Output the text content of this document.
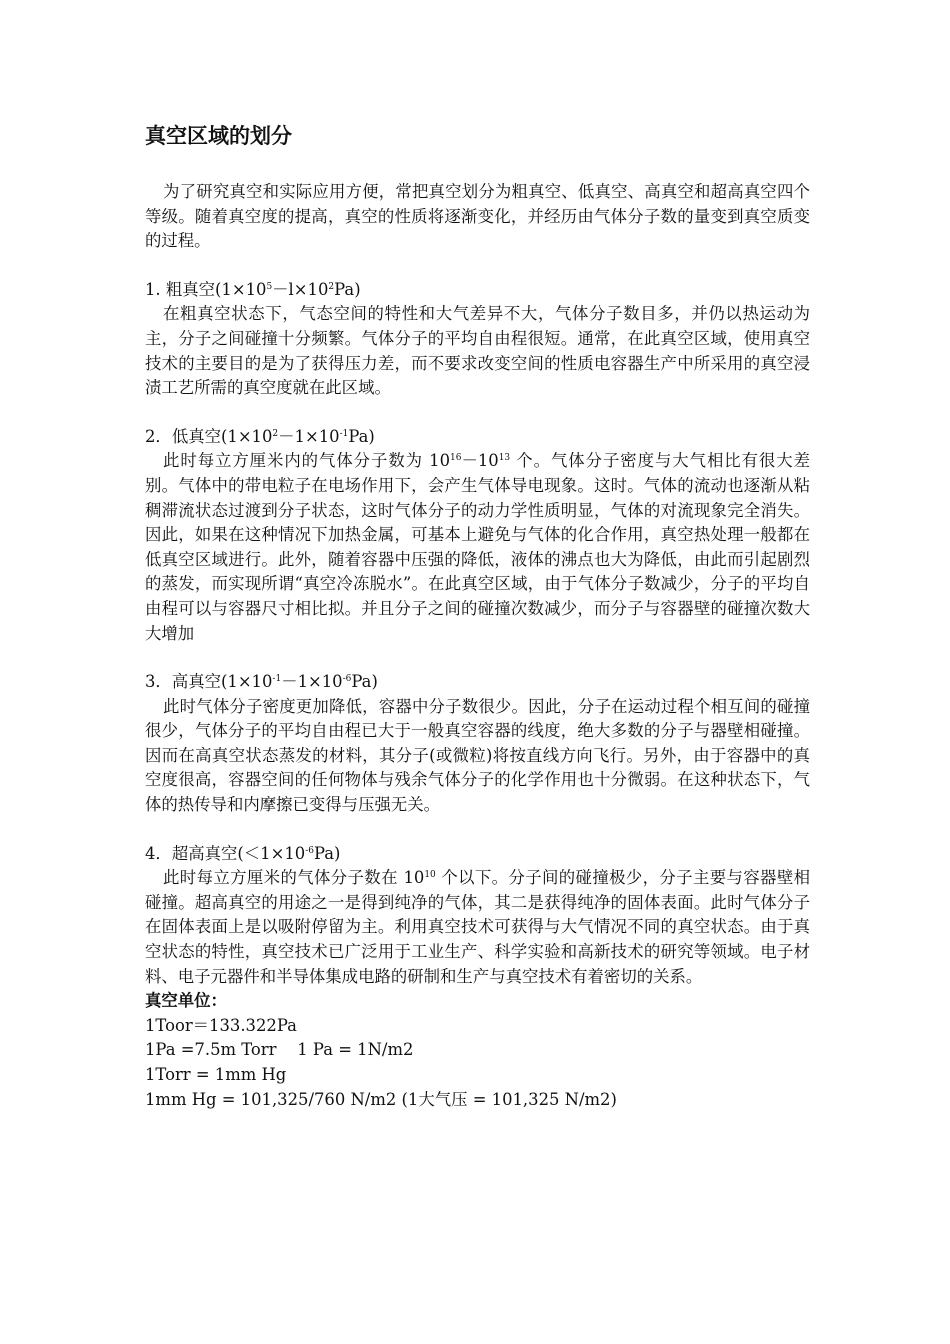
真空区域的划分

为了研究真空和实际应用方便，常把真空划分为粗真空、低真空、高真空和超高真空四个等级。随着真空度的提高，真空的性质将逐渐变化，并经历由气体分子数的量变到真空质变的过程。

1. 粗真空$(1\times 10^5-l\times 10^2Pa)$

在粗真空状态下，气态空间的特性和大气差异不大，气体分子数目多，并仍以热运动为主，分子之间碰撞十分频繁。气体分子的平均自由程很短。通常，在此真空区域，使用真空技术的主要目的是为了获得压力差，而不要求改变空间的性质电容器生产中所采用的真空浸渍工艺所需的真空度就在此区域。

2．低真空$(1\times 10^2-1\times 10^{-1}Pa)$

此时每立方厘米内的气体分子数为 $10^{16}-10^{13}$ 个。气体分子密度与大气相比有很大差别。气体中的带电粒子在电场作用下，会产生气体导电现象。这时。气体的流动也逐渐从粘稠滞流状态过渡到分子状态，这时气体分子的动力学性质明显，气体的对流现象完全消失。因此，如果在这种情况下加热金属，可基本上避免与气体的化合作用，真空热处理一般都在低真空区域进行。此外，随着容器中压强的降低，液体的沸点也大为降低，由此而引起剧烈的蒸发，而实现所谓“真空冷冻脱水”。在此真空区域，由于气体分子数减少，分子的平均自由程可以与容器尺寸相比拟。并且分子之间的碰撞次数减少，而分子与容器壁的碰撞次数大大增加

3．高真空$(1\times 10^{-1}-1\times 10^{-6}Pa)$

此时气体分子密度更加降低，容器中分子数很少。因此，分子在运动过程个相互间的碰撞很少，气体分子的平均自由程已大于一般真空容器的线度，绝大多数的分子与器壁相碰撞。因而在高真空状态蒸发的材料，其分子(或微粒)将按直线方向飞行。另外，由于容器中的真空度很高，容器空间的任何物体与残余气体分子的化学作用也十分微弱。在这种状态下，气体的热传导和内摩擦已变得与压强无关。

4．超高真空$(<1\times 10^{-6}Pa)$

此时每立方厘米的气体分子数在 $10^{10}$ 个以下。分子间的碰撞极少，分子主要与容器壁相碰撞。超高真空的用途之一是得到纯净的气体，其二是获得纯净的固体表面。此时气体分子在固体表面上是以吸附停留为主。利用真空技术可获得与大气情况不同的真空状态。由于真空状态的特性，真空技术已广泛用于工业生产、科学实验和高新技术的研究等领域。电子材料、电子元器件和半导体集成电路的研制和生产与真空技术有着密切的关系。

真空单位：

1Toor＝133.322Pa

1Pa =7.5m Torr    1 Pa = 1N/m2

1Torr = 1mm Hg

1mm Hg = 101,325/760 N/m2 (1大气压 = 101,325 N/m2)
